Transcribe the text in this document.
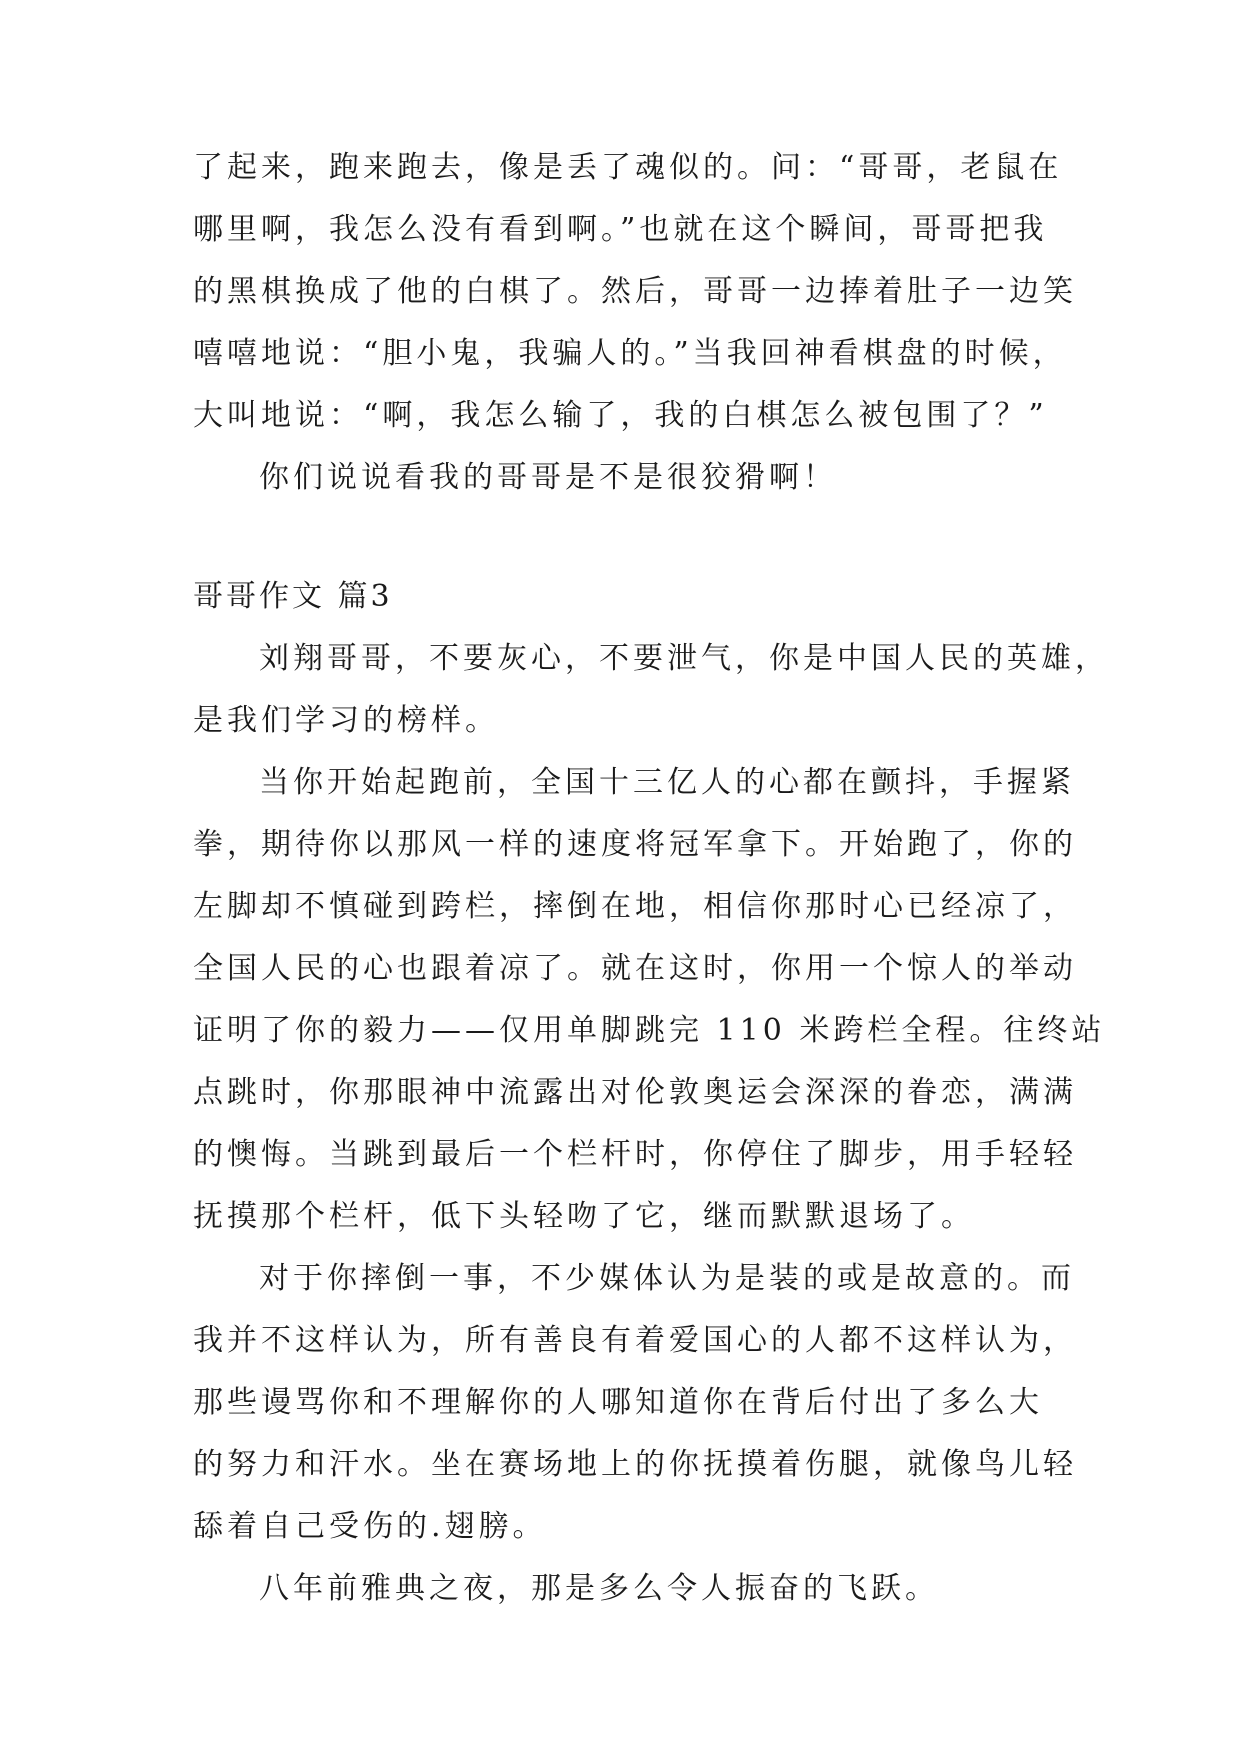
了起来，跑来跑去，像是丢了魂似的。问：“哥哥，老鼠在
哪里啊，我怎么没有看到啊。”也就在这个瞬间，哥哥把我
的黑棋换成了他的白棋了。然后，哥哥一边捧着肚子一边笑
嘻嘻地说：“胆小鬼，我骗人的。”当我回神看棋盘的时候，
大叫地说：“啊，我怎么输了，我的白棋怎么被包围了？”
你们说说看我的哥哥是不是很狡猾啊！
哥哥作文 篇3
刘翔哥哥，不要灰心，不要泄气，你是中国人民的英雄，
是我们学习的榜样。
当你开始起跑前，全国十三亿人的心都在颤抖，手握紧
拳，期待你以那风一样的速度将冠军拿下。开始跑了，你的
左脚却不慎碰到跨栏，摔倒在地，相信你那时心已经凉了，
全国人民的心也跟着凉了。就在这时，你用一个惊人的举动
证明了你的毅力——仅用单脚跳完 110 米跨栏全程。往终站
点跳时，你那眼神中流露出对伦敦奥运会深深的眷恋，满满
的懊悔。当跳到最后一个栏杆时，你停住了脚步，用手轻轻
抚摸那个栏杆，低下头轻吻了它，继而默默退场了。
对于你摔倒一事，不少媒体认为是装的或是故意的。而
我并不这样认为，所有善良有着爱国心的人都不这样认为，
那些谩骂你和不理解你的人哪知道你在背后付出了多么大
的努力和汗水。坐在赛场地上的你抚摸着伤腿，就像鸟儿轻
舔着自己受伤的.翅膀。
八年前雅典之夜，那是多么令人振奋的飞跃。
